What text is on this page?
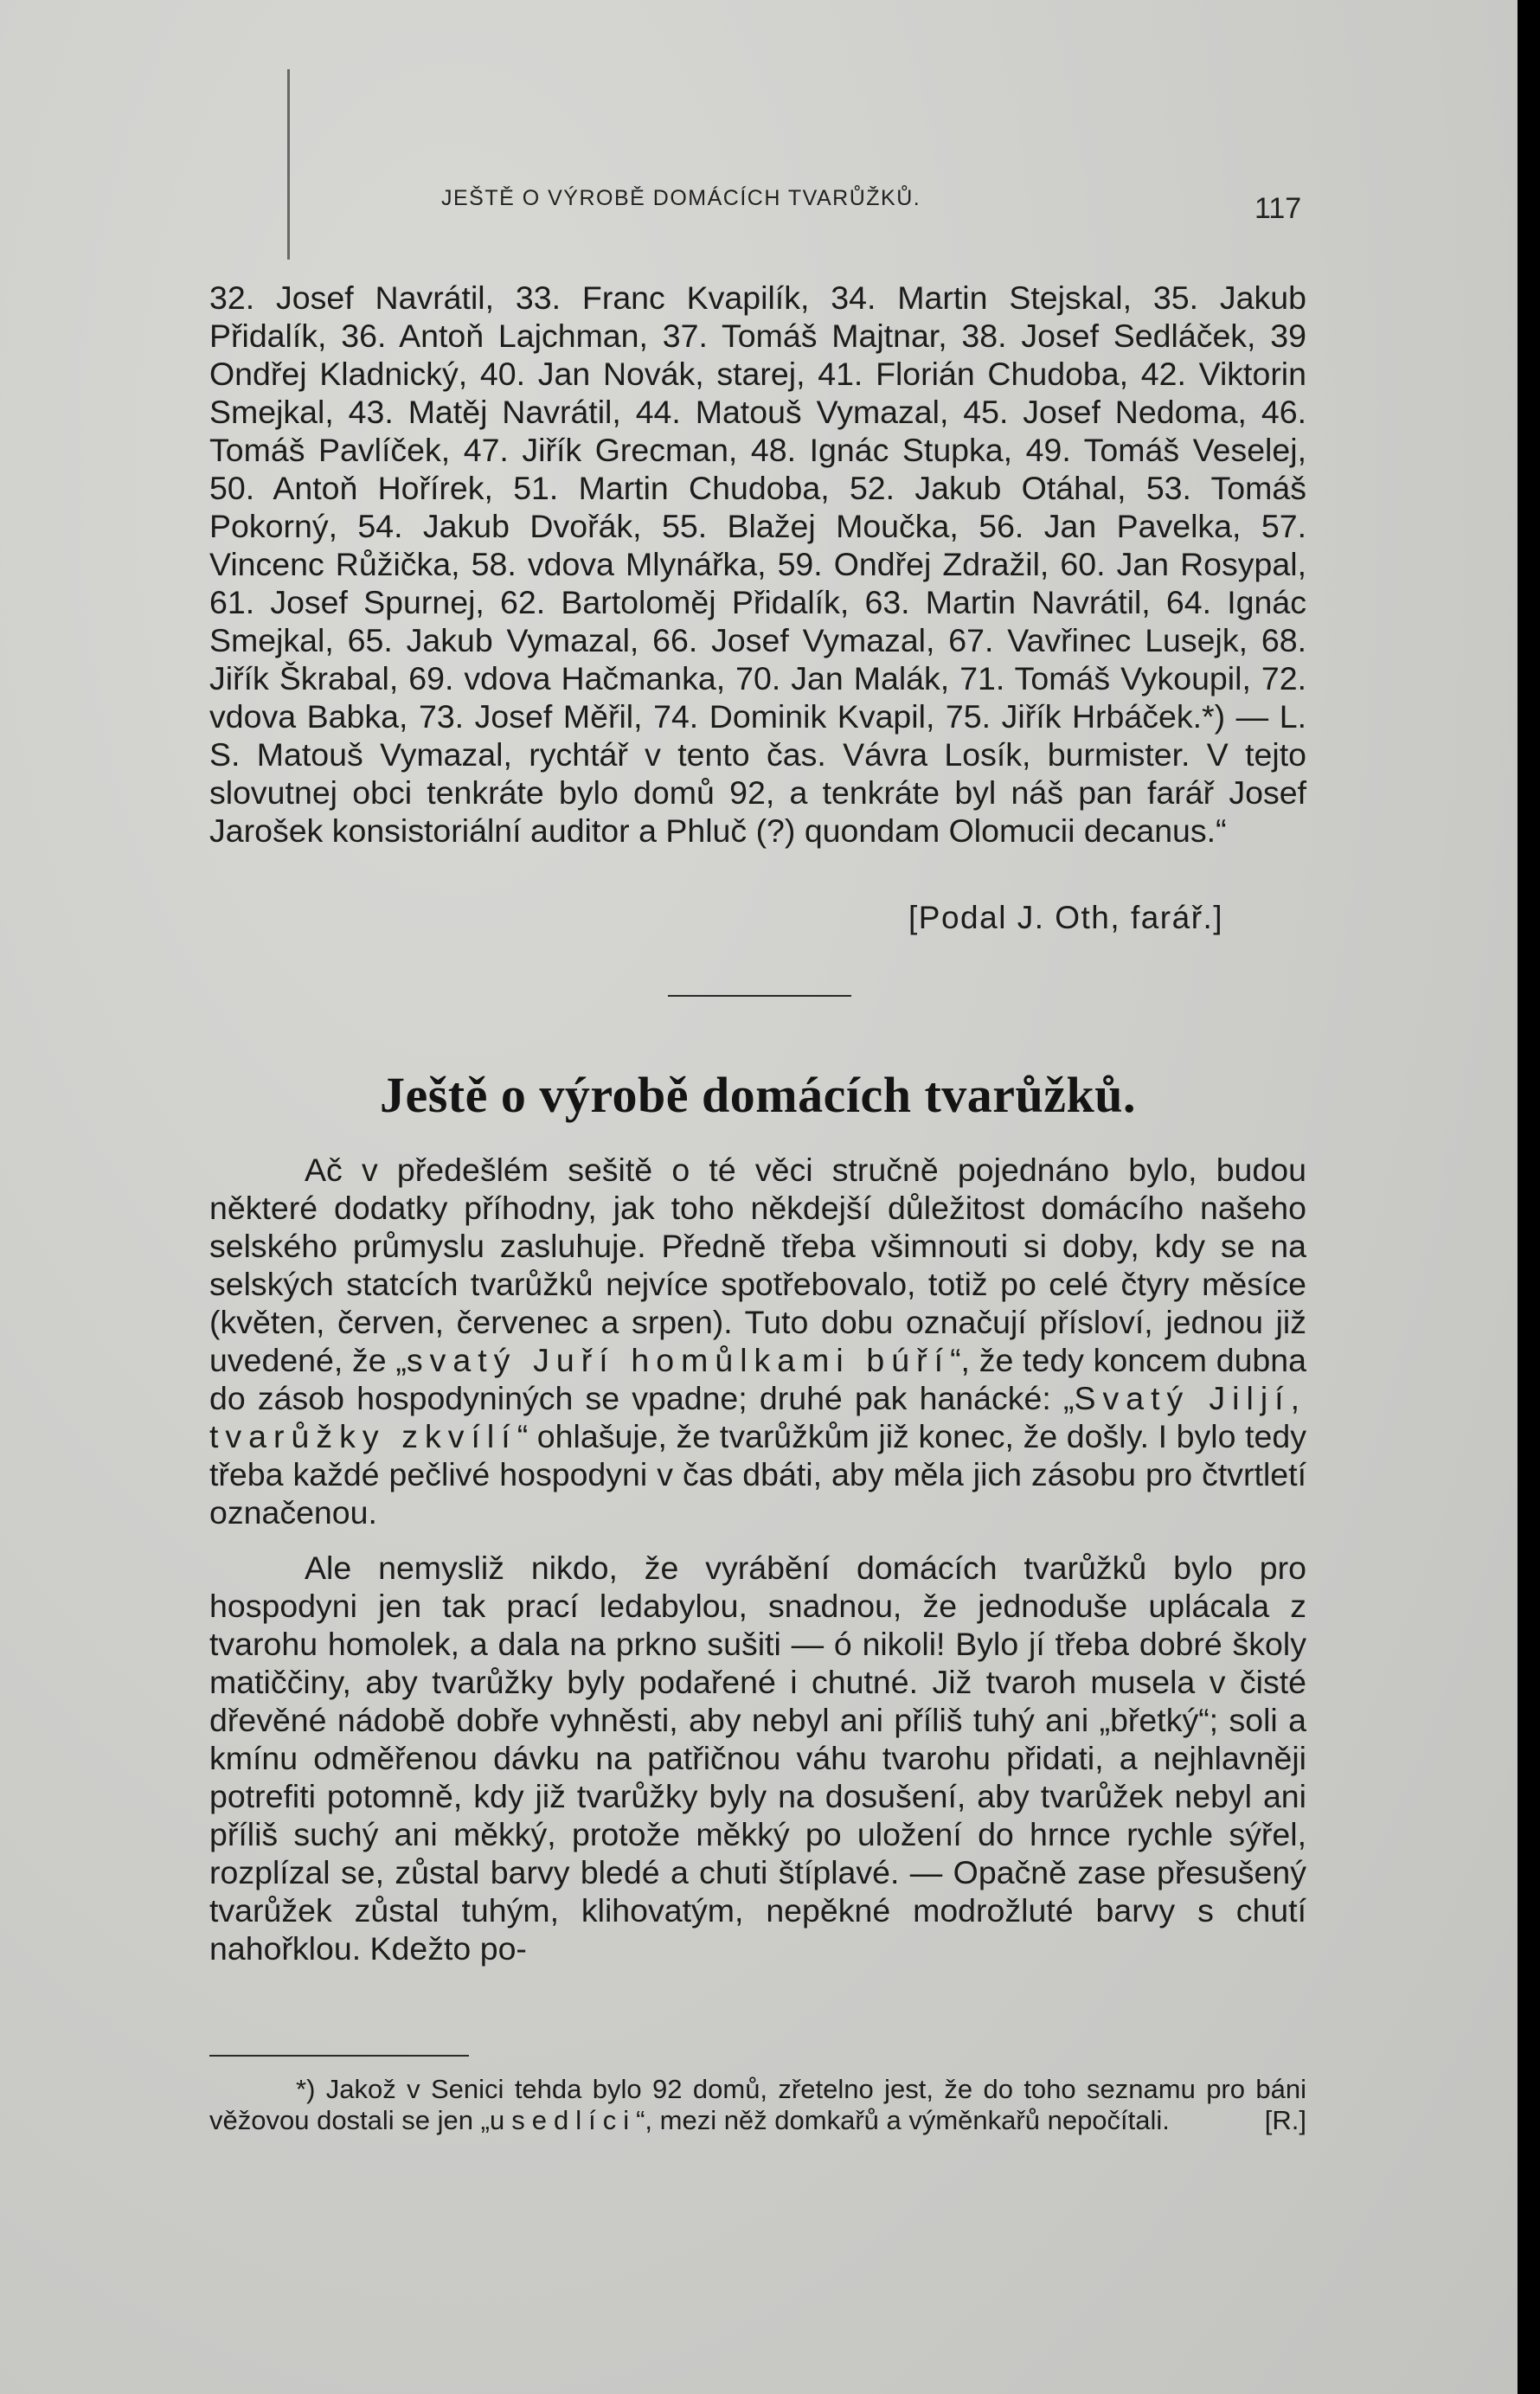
JEŠTĚ O VÝROBĚ DOMÁCÍCH TVARŮŽKŮ.	117

32. Josef Navrátil, 33. Franc Kvapilík, 34. Martin Stejskal, 35. Jakub Přidalík, 36. Antoň Lajchman, 37. Tomáš Majtnar, 38. Josef Sedláček, 39 Ondřej Kladnický, 40. Jan Novák, starej, 41. Florián Chudoba, 42. Viktorin Smejkal, 43. Matěj Navrátil, 44. Matouš Vymazal, 45. Josef Nedoma, 46. Tomáš Pavlíček, 47. Jiřík Grecman, 48. Ignác Stupka, 49. Tomáš Veselej, 50. Antoň Hořírek, 51. Martin Chudoba, 52. Jakub Otáhal, 53. Tomáš Pokorný, 54. Jakub Dvořák, 55. Blažej Moučka, 56. Jan Pavelka, 57. Vincenc Růžička, 58. vdova Mlynářka, 59. Ondřej Zdražil, 60. Jan Rosypal, 61. Josef Spurnej, 62. Bartoloměj Přidalík, 63. Martin Navrátil, 64. Ignác Smejkal, 65. Jakub Vymazal, 66. Josef Vymazal, 67. Vavřinec Lusejk, 68. Jiřík Škrabal, 69. vdova Hačmanka, 70. Jan Malák, 71. Tomáš Vykoupil, 72. vdova Babka, 73. Josef Měřil, 74. Dominik Kvapil, 75. Jiřík Hrbáček.*) — L. S. Matouš Vymazal, rychtář v tento čas. Vávra Losík, burmister. V tejto slovutnej obci tenkráte bylo domů 92, a tenkráte byl náš pan farář Josef Jarošek konsistoriální auditor a Phluč (?) quondam Olomucii decanus.“

[Podal J. Oth, farář.]
Ještě o výrobě domácích tvarůžků.

Ač v předešlém sešitě o té věci stručně pojednáno bylo, budou některé dodatky příhodny, jak toho někdejší důležitost domácího našeho selského průmyslu zasluhuje. Předně třeba všimnouti si doby, kdy se na selských statcích tvarůžků nejvíce spotřebovalo, totiž po celé čtyry měsíce (květen, červen, červenec a srpen). Tuto dobu označují přísloví, jednou již uvedené, že „svatý Juří homůlkami búří“, že tedy koncem dubna do zásob hospodyniných se vpadne; druhé pak hanácké: „Svatý Jiljí, tvarůžky zkvílí“ ohlašuje, že tvarůžkům již konec, že došly. I bylo tedy třeba každé pečlivé hospodyni v čas dbáti, aby měla jich zásobu pro čtvrtletí označenou.

Ale nemysliž nikdo, že vyrábění domácích tvarůžků bylo pro hospodyni jen tak prací ledabylou, snadnou, že jednoduše uplácala z tvarohu homolek, a dala na prkno sušiti — ó nikoli! Bylo jí třeba dobré školy matiččiny, aby tvarůžky byly podařené i chutné. Již tvaroh musela v čisté dřevěné nádobě dobře vyhněsti, aby nebyl ani příliš tuhý ani „břetký“; soli a kmínu odměřenou dávku na patřičnou váhu tvarohu přidati, a nejhlavněji potrefiti potomně, kdy již tvarůžky byly na dosušení, aby tvarůžek nebyl ani příliš suchý ani měkký, protože měkký po uložení do hrnce rychle sýřel, rozplízal se, zůstal barvy bledé a chuti štíplavé. — Opačně zase přesušený tvarůžek zůstal tuhým, klihovatým, nepěkné modrožluté barvy s chutí nahořklou. Kdežto po-

*) Jakož v Senici tehda bylo 92 domů, zřetelno jest, že do toho seznamu pro báni věžovou dostali se jen „usedlíci“, mezi něž domkařů a výměnkařů nepočítali.	[R.]
